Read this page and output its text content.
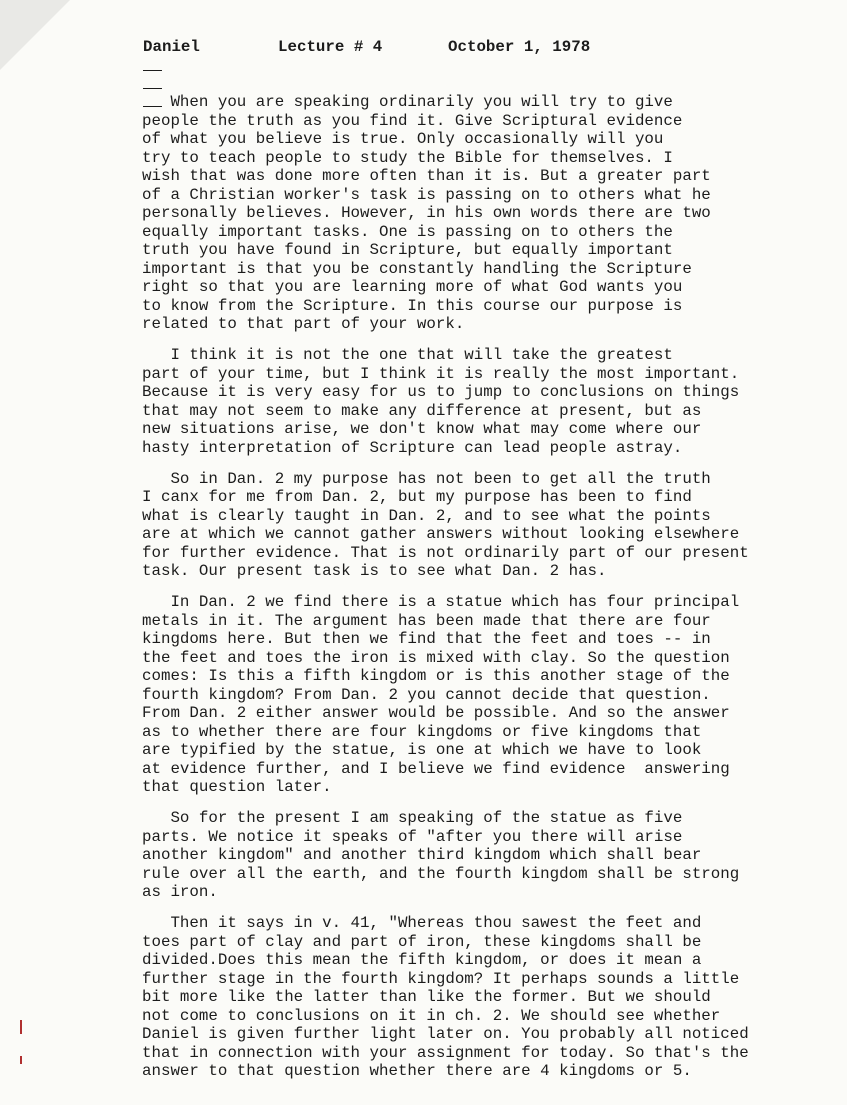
Daniel

	Lecture # 4

	October 1, 1978

When you are speaking ordinarily you will try to give
people the truth as you find it. Give Scriptural evidence
of what you believe is true. Only occasionally will you
try to teach people to study the Bible for themselves. I
wish that was done more often than it is. But a greater part
of a Christian worker's task is passing on to others what he
personally believes. However, in his own words there are two
equally important tasks. One is passing on to others the
truth you have found in Scripture, but equally important
important is that you be constantly handling the Scripture
right so that you are learning more of what God wants you
to know from the Scripture. In this course our purpose is
related to that part of your work.
I think it is not the one that will take the greatest
part of your time, but I think it is really the most important.
Because it is very easy for us to jump to conclusions on things
that may not seem to make any difference at present, but as
new situations arise, we don't know what may come where our
hasty interpretation of Scripture can lead people astray.
So in Dan. 2 my purpose has not been to get all the truth
I canx for me from Dan. 2, but my purpose has been to find
what is clearly taught in Dan. 2, and to see what the points
are at which we cannot gather answers without looking elsewhere
for further evidence. That is not ordinarily part of our present
task. Our present task is to see what Dan. 2 has.
In Dan. 2 we find there is a statue which has four principal
metals in it. The argument has been made that there are four
kingdoms here. But then we find that the feet and toes -- in
the feet and toes the iron is mixed with clay. So the question
comes: Is this a fifth kingdom or is this another stage of the
fourth kingdom? From Dan. 2 you cannot decide that question.
From Dan. 2 either answer would be possible. And so the answer
as to whether there are four kingdoms or five kingdoms that
are typified by the statue, is one at which we have to look
at evidence further, and I believe we find evidence  answering
that question later.
So for the present I am speaking of the statue as five
parts. We notice it speaks of "after you there will arise
another kingdom" and another third kingdom which shall bear
rule over all the earth, and the fourth kingdom shall be strong
as iron.
Then it says in v. 41, "Whereas thou sawest the feet and
toes part of clay and part of iron, these kingdoms shall be
divided.Does this mean the fifth kingdom, or does it mean a
further stage in the fourth kingdom? It perhaps sounds a little
bit more like the latter than like the former. But we should
not come to conclusions on it in ch. 2. We should see whether
Daniel is given further light later on. You probably all noticed
that in connection with your assignment for today. So that's the
answer to that question whether there are 4 kingdoms or 5.
